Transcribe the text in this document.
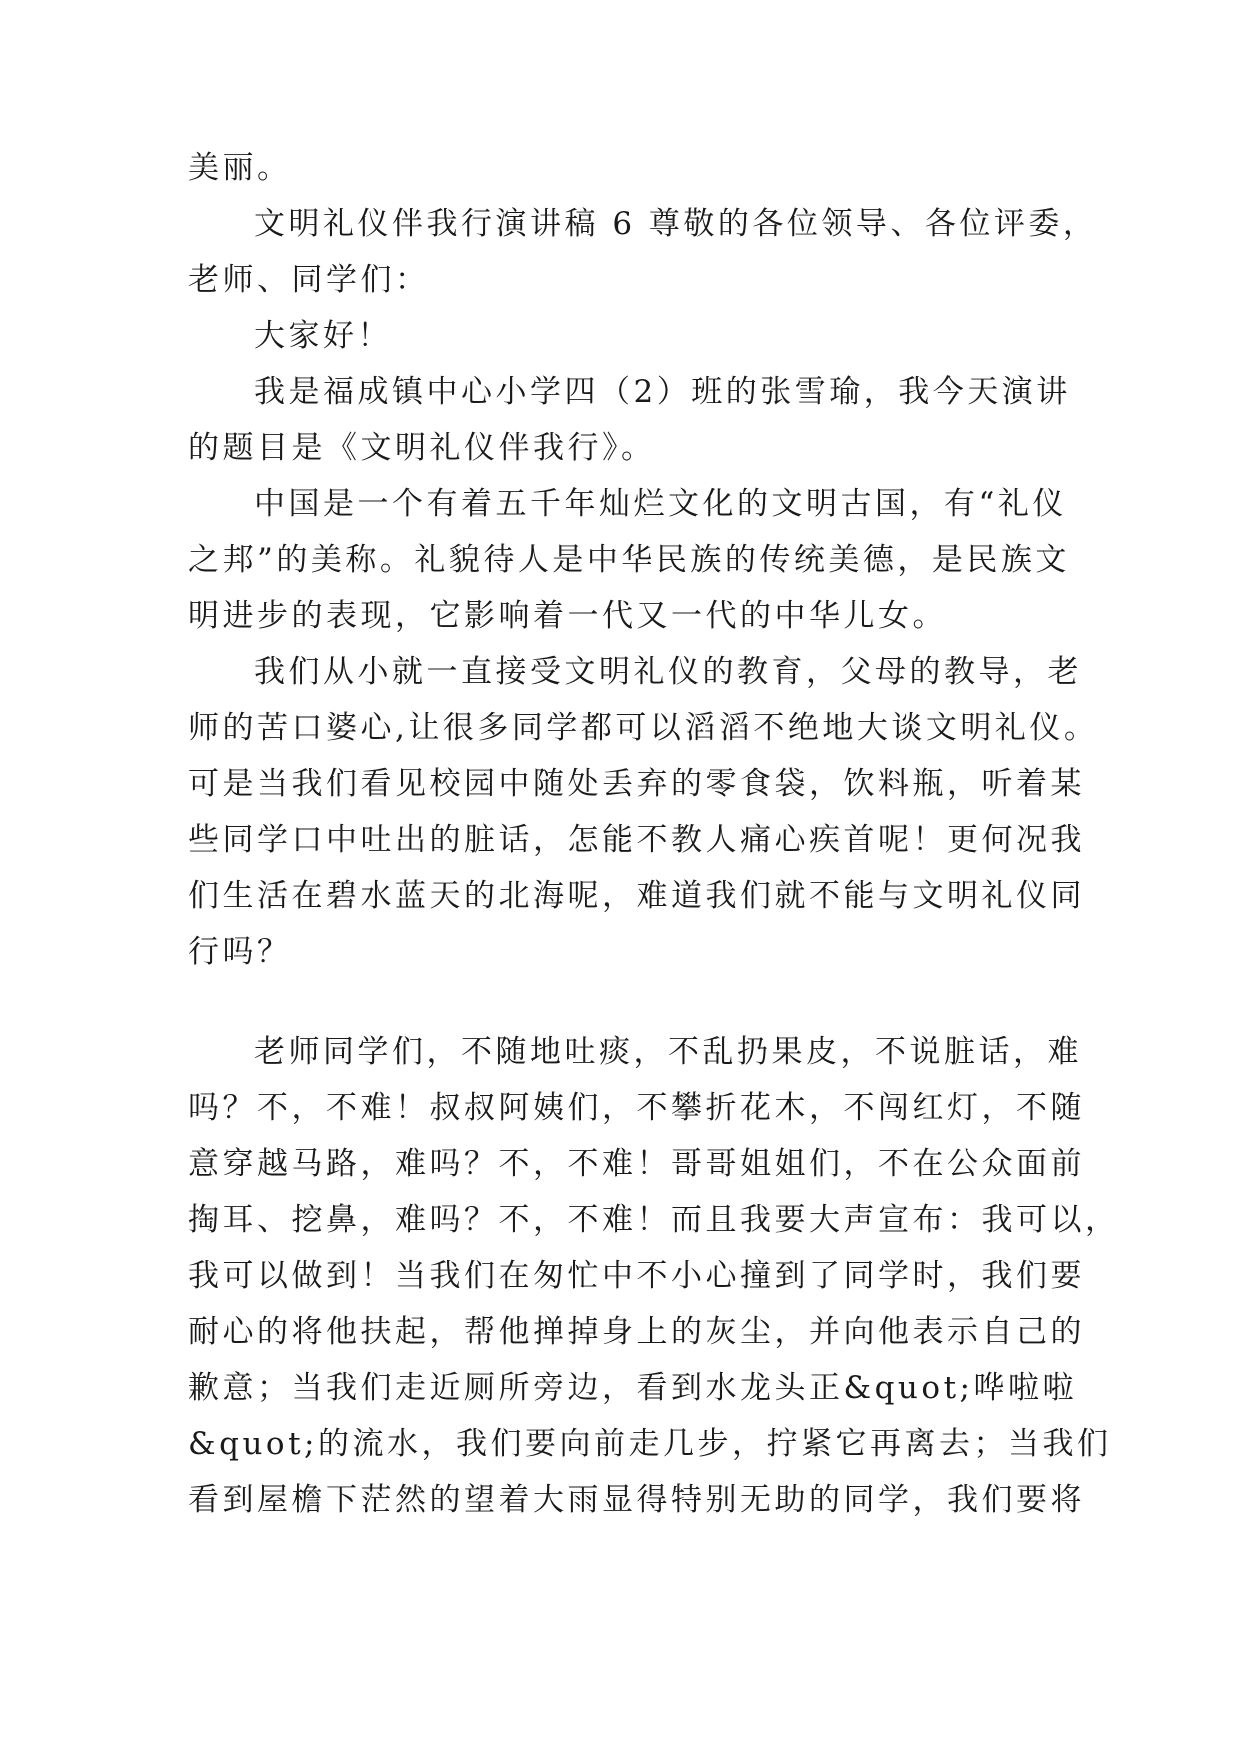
美丽。

文明礼仪伴我行演讲稿 6 尊敬的各位领导、各位评委，

老师、同学们：

大家好！

我是福成镇中心小学四（2）班的张雪瑜，我今天演讲

的题目是《文明礼仪伴我行》。

中国是一个有着五千年灿烂文化的文明古国，有“礼仪

之邦”的美称。礼貌待人是中华民族的传统美德，是民族文

明进步的表现，它影响着一代又一代的中华儿女。

我们从小就一直接受文明礼仪的教育，父母的教导，老

师的苦口婆心,让很多同学都可以滔滔不绝地大谈文明礼仪。

可是当我们看见校园中随处丢弃的零食袋，饮料瓶，听着某

些同学口中吐出的脏话，怎能不教人痛心疾首呢！更何况我

们生活在碧水蓝天的北海呢，难道我们就不能与文明礼仪同

行吗？

老师同学们，不随地吐痰，不乱扔果皮，不说脏话，难

吗？不，不难！叔叔阿姨们，不攀折花木，不闯红灯，不随

意穿越马路，难吗？不，不难！哥哥姐姐们，不在公众面前

掏耳、挖鼻，难吗？不，不难！而且我要大声宣布：我可以，

我可以做到！当我们在匆忙中不小心撞到了同学时，我们要

耐心的将他扶起，帮他掸掉身上的灰尘，并向他表示自己的

歉意；当我们走近厕所旁边，看到水龙头正&quot;哗啦啦

&quot;的流水，我们要向前走几步，拧紧它再离去；当我们

看到屋檐下茫然的望着大雨显得特别无助的同学，我们要将
